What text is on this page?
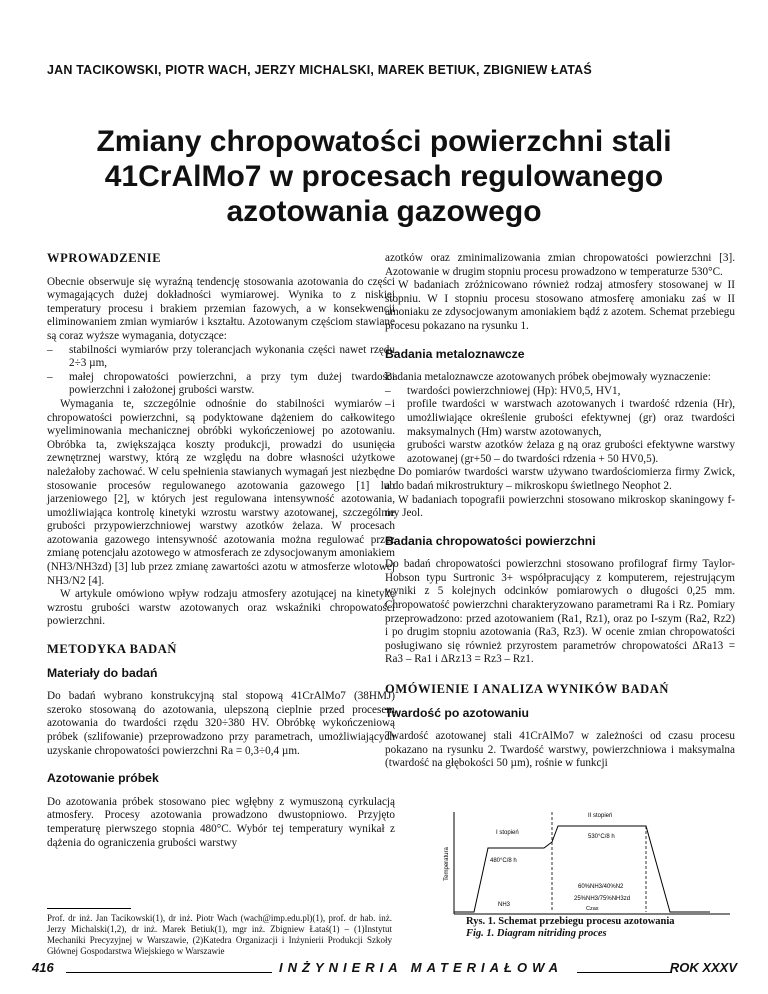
JAN TACIKOWSKI, PIOTR WACH, JERZY MICHALSKI, MAREK BETIUK, ZBIGNIEW ŁATAŚ
Zmiany chropowatości powierzchni stali 41CrAlMo7 w procesach regulowanego azotowania gazowego
WPROWADZENIE

Obecnie obserwuje się wyraźną tendencję stosowania azotowania do części wymagających dużej dokładności wymiarowej. Wynika to z niskiej temperatury procesu i brakiem przemian fazowych, a w konsekwencji eliminowaniem zmian wymiarów i kształtu. Azotowanym częściom stawiane są coraz wyższe wymagania, dotyczące:

– stabilności wymiarów przy tolerancjach wykonania części nawet rzędu 2÷3 µm,
– małej chropowatości powierzchni, a przy tym dużej twardości powierzchni i założonej grubości warstw.

Wymagania te, szczególnie odnośnie do stabilności wymiarów i chropowatości powierzchni, są podyktowane dążeniem do całkowitego wyeliminowania mechanicznej obróbki wykończeniowej po azotowaniu. Obróbka ta, zwiększająca koszty produkcji, prowadzi do usunięcia zewnętrznej warstwy, którą ze względu na dobre własności użytkowe należałoby zachować. W celu spełnienia stawianych wymagań jest niezbędne stosowanie procesów regulowanego azotowania gazowego [1] lub jarzeniowego [2], w których jest regulowana intensywność azotowania, umożliwiająca kontrolę kinetyki wzrostu warstwy azotowanej, szczególnie grubości przypowierzchniowej warstwy azotków żelaza. W procesach azotowania gazowego intensywność azotowania można regulować przez zmianę potencjału azotowego w atmosferach ze zdysocjowanym amoniakiem (NH3/NH3zd) [3] lub przez zmianę zawartości azotu w atmosferze wlotowej NH3/N2 [4].

W artykule omówiono wpływ rodzaju atmosfery azotującej na kinetykę wzrostu grubości warstw azotowanych oraz wskaźniki chropowatości powierzchni.

METODYKA BADAŃ
Materiały do badań

Do badań wybrano konstrukcyjną stal stopową 41CrAlMo7 (38HMJ) szeroko stosowaną do azotowania, ulepszoną cieplnie przed procesem azotowania do twardości rzędu 320÷380 HV. Obróbkę wykończeniową próbek (szlifowanie) przeprowadzono przy parametrach, umożliwiających uzyskanie chropowatości powierzchni Ra = 0,3÷0,4 µm.

Azotowanie próbek

Do azotowania próbek stosowano piec wgłębny z wymuszoną cyrkulacją atmosfery. Procesy azotowania prowadzono dwustopniowo. Przyjęto temperaturę pierwszego stopnia 480°C. Wybór tej temperatury wynikał z dążenia do ograniczenia grubości warstwy

azotków oraz zminimalizowania zmian chropowatości powierzchni [3]. Azotowanie w drugim stopniu procesu prowadzono w temperaturze 530°C.

W badaniach zróżnicowano również rodzaj atmosfery stosowanej w II stopniu. W I stopniu procesu stosowano atmosferę amoniaku zaś w II amoniaku ze zdysocjowanym amoniakiem bądź z azotem. Schemat przebiegu procesu pokazano na rysunku 1.

Badania metaloznawcze

Badania metaloznawcze azotowanych próbek obejmowały wyznaczenie:

– twardości powierzchniowej (Hp): HV0,5, HV1,
– profile twardości w warstwach azotowanych i twardość rdzenia (Hr), umożliwiające określenie grubości efektywnej (gr) oraz twardości maksymalnych (Hm) warstw azotowanych,
– grubości warstw azotków żelaza g ną oraz grubości efektywne warstwy azotowanej (gr+50 – do twardości rdzenia + 50 HV0,5).

Do pomiarów twardości warstw używano twardościomierza firmy Zwick, a do badań mikrostruktury – mikroskopu świetlnego Neophot 2.

W badaniach topografii powierzchni stosowano mikroskop skaningowy f-my Jeol.

Badania chropowatości powierzchni

Do badań chropowatości powierzchni stosowano profilograf firmy Taylor-Hobson typu Surtronic 3+ współpracujący z komputerem, rejestrującym wyniki z 5 kolejnych odcinków pomiarowych o długości 0,25 mm. Chropowatość powierzchni charakteryzowano parametrami Ra i Rz. Pomiary przeprowadzono: przed azotowaniem (Ra1, Rz1), oraz po I-szym (Ra2, Rz2) i po drugim stopniu azotowania (Ra3, Rz3). W ocenie zmian chropowatości posługiwano się również przyrostem parametrów chropowatości ΔRa13 = Ra3 – Ra1 i ΔRz13 = Rz3 – Rz1.

OMÓWIENIE I ANALIZA WYNIKÓW BADAŃ
Twardość po azotowaniu

Twardość azotowanej stali 41CrAlMo7 w zależności od czasu procesu pokazano na rysunku 2. Twardość warstwy, powierzchniowa i maksymalna (twardość na głębokości 50 µm), rośnie w funkcji

Temperatura
I stopień
II stopień
480°C/8 h
530°C/8 h
NH3
60%NH3/40%N2
25%NH3/75%NH3zd
Czas
Rys. 1. Schemat przebiegu procesu azotowania
Fig. 1. Diagram nitriding proces
Prof. dr inż. Jan Tacikowski(1), dr inż. Piotr Wach (wach@imp.edu.pl)(1), prof. dr hab. inż. Jerzy Michalski(1,2), dr inż. Marek Betiuk(1), mgr inż. Zbigniew Łataś(1) – (1)Instytut Mechaniki Precyzyjnej w Warszawie, (2)Katedra Organizacji i Inżynierii Produkcji Szkoły Głównej Gospodarstwa Wiejskiego w Warszawie
416	INŻYNIERIA MATERIAŁOWA	ROK XXXV
